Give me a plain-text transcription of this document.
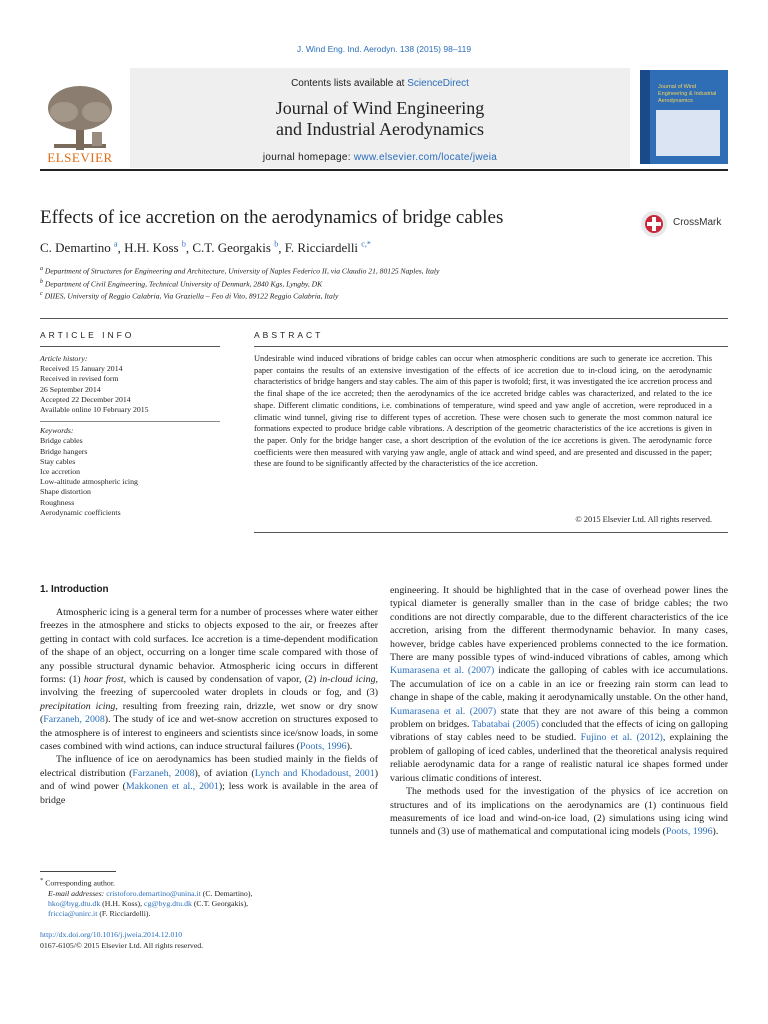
J. Wind Eng. Ind. Aerodyn. 138 (2015) 98–119
ELSEVIER
Contents lists available at ScienceDirect
Journal of Wind Engineering
and Industrial Aerodynamics
journal homepage: www.elsevier.com/locate/jweia
Journal of Wind Engineering & Industrial Aerodynamics
Effects of ice accretion on the aerodynamics of bridge cables	CrossMark
C. Demartino $^a$, H.H. Koss $^b$, C.T. Georgakis $^b$, F. Ricciardelli $^{c,*}$
$^a$ Department of Structures for Engineering and Architecture, University of Naples Federico II, via Claudio 21, 80125 Naples, Italy
$^b$ Department of Civil Engineering, Technical University of Denmark, 2840 Kgs, Lyngby, DK
$^c$ DIIES, University of Reggio Calabria, Via Graziella – Feo di Vito, 89122 Reggio Calabria, Italy
ARTICLE INFO	ABSTRACT
Article history:
Received 15 January 2014
Received in revised form
26 September 2014
Accepted 22 December 2014
Available online 10 February 2015
Keywords:
Bridge cables
Bridge hangers
Stay cables
Ice accretion
Low-altitude atmospheric icing
Shape distortion
Roughness
Aerodynamic coefficients
Undesirable wind induced vibrations of bridge cables can occur when atmospheric conditions are such to generate ice accretion. This paper contains the results of an extensive investigation of the effects of ice accretion due to in-cloud icing, on the aerodynamic characteristics of bridge hangers and stay cables. The aim of this paper is twofold; first, it was investigated the ice accretion process and the final shape of the ice accreted; then the aerodynamics of the ice accreted bridge cables was characterized, and related to the ice shape. Different climatic conditions, i.e. combinations of temperature, wind speed and yaw angle of accretion, were reproduced in a climatic wind tunnel, giving rise to different types of accretion. These were chosen such to generate the most common natural ice formations expected to produce bridge cable vibrations. A description of the geometric characteristics of the ice accretions is given in the paper. Only for the bridge hanger case, a short description of the evolution of the ice accretions is given. The aerodynamic force coefficients were then measured with varying yaw angle, angle of attack and wind speed, and are presented and discussed in the paper; these are found to be significantly affected by the characteristics of the ice accretion.
© 2015 Elsevier Ltd. All rights reserved.
1. Introduction

Atmospheric icing is a general term for a number of processes where water either freezes in the atmosphere and sticks to objects exposed to the air, or freezes after getting in contact with cold surfaces. Ice accretion is a time-dependent modification of the shape of an object, occurring on a longer time scale compared with those of any possible structural dynamic behavior. Atmospheric icing occurs in different forms: (1) hoar frost, which is caused by condensation of vapor, (2) in-cloud icing, involving the freezing of supercooled water droplets in clouds or fog, and (3) precipitation icing, resulting from freezing rain, drizzle, wet snow or dry snow (Farzaneh, 2008). The study of ice and wet-snow accretion on structures exposed to the atmosphere is of interest to engineers and scientists since ice/snow loads, in some cases combined with wind actions, can induce structural failures (Poots, 1996).

The influence of ice on aerodynamics has been studied mainly in the fields of electrical distribution (Farzaneh, 2008), of aviation (Lynch and Khodadoust, 2001) and of wind power (Makkonen et al., 2001); less work is available in the area of bridge

engineering. It should be highlighted that in the case of overhead power lines the typical diameter is generally smaller than in the case of bridge cables; the two conditions are not directly comparable, due to the different characteristics of the ice accretion, arising from the different thermodynamic behavior. In many cases, however, bridge cables have experienced problems connected to the ice formation. There are many possible types of wind-induced vibrations of cables, among which Kumarasena et al. (2007) indicate the galloping of cables with ice accumulations. The accumulation of ice on a cable in an ice or freezing rain storm can lead to change in shape of the cable, making it aerodynamically unstable. On the other hand, Kumarasena et al. (2007) state that they are not aware of this being a common problem on bridges. Tabatabai (2005) concluded that the effects of icing on galloping vibrations of stay cables need to be studied. Fujino et al. (2012), explaining the problem of galloping of iced cables, underlined that the theoretical analysis required reliable aerodynamic data for a range of realistic natural ice shapes formed under various climatic conditions of interest.

The methods used for the investigation of the physics of ice accretion on structures and of its implications on the aerodynamics are (1) continuous field measurements of ice load and wind-on-ice load, (2) simulations using icing wind tunnels and (3) use of mathematical and computational icing models (Poots, 1996).

* Corresponding author.
E-mail addresses: cristoforo.demartino@unina.it (C. Demartino),
hko@byg.dtu.dk (H.H. Koss), cg@byg.dtu.dk (C.T. Georgakis),
friccia@unirc.it (F. Ricciardelli).
http://dx.doi.org/10.1016/j.jweia.2014.12.010
0167-6105/© 2015 Elsevier Ltd. All rights reserved.
